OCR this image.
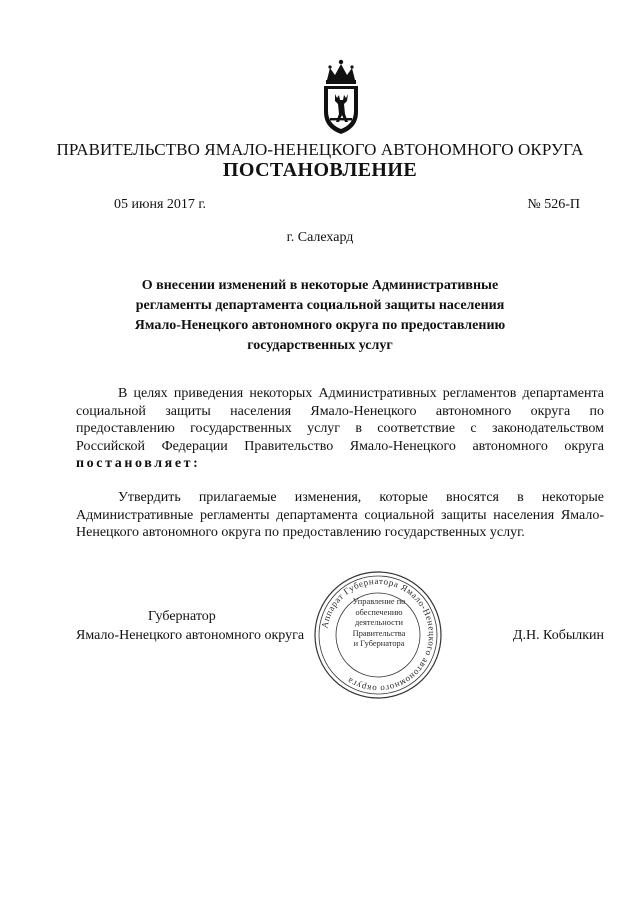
ПРАВИТЕЛЬСТВО ЯМАЛО-НЕНЕЦКОГО АВТОНОМНОГО ОКРУГА
ПОСТАНОВЛЕНИЕ
05 июня 2017 г.	№ 526-П
г. Салехард
О внесении изменений в некоторые Административные
регламенты департамента социальной защиты населения
Ямало-Ненецкого автономного округа по предоставлению
государственных услуг
В целях приведения некоторых Административных регламентов департамента социальной защиты населения Ямало-Ненецкого автономного округа по предоставлению государственных услуг в соответствие с законодательством Российской Федерации Правительство Ямало-Ненецкого автономного округа постановляет:
Утвердить прилагаемые изменения, которые вносятся в некоторые Административные регламенты департамента социальной защиты населения Ямало-Ненецкого автономного округа по предоставлению государственных услуг.
Губернатор
Ямало-Ненецкого автономного округа	Д.Н. Кобылкин
Аппарат Губернатора Ямало-Ненецкого автономного округа
Управление по
обеспечению
деятельности
Правительства
и Губернатора
